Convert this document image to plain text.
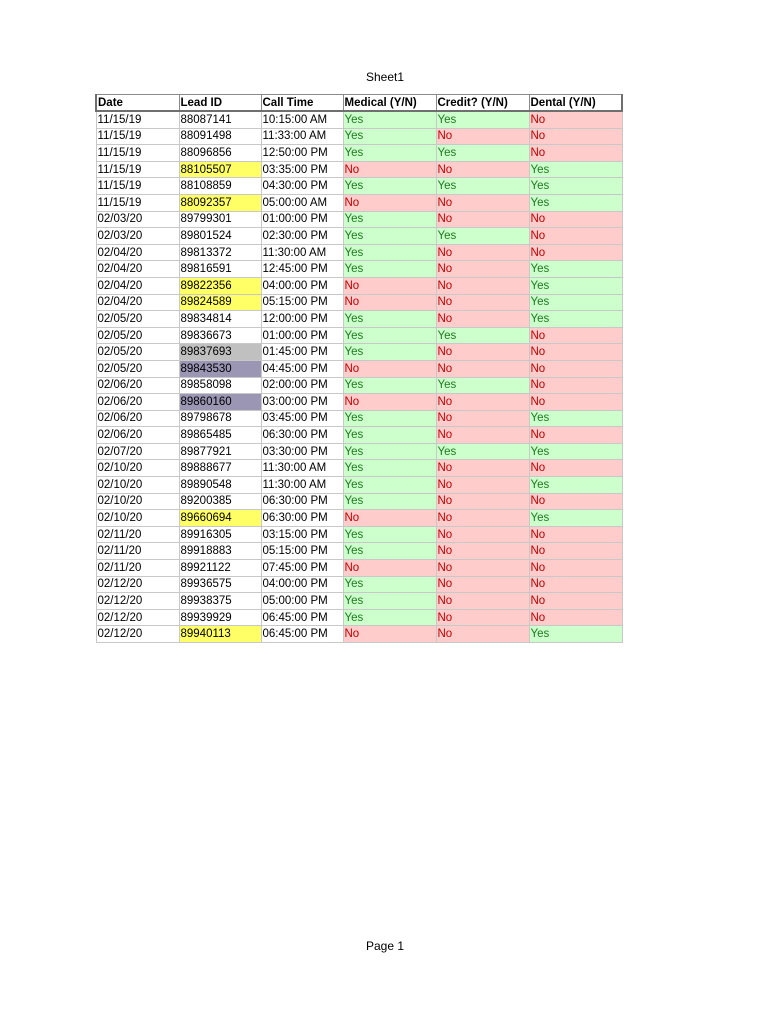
Sheet1
Date	Lead ID	Call Time	Medical (Y/N)	Credit? (Y/N)	Dental (Y/N)
11/15/19	88087141	10:15:00 AM	Yes	Yes	No
11/15/19	88091498	11:33:00 AM	Yes	No	No
11/15/19	88096856	12:50:00 PM	Yes	Yes	No
11/15/19	88105507	03:35:00 PM	No	No	Yes
11/15/19	88108859	04:30:00 PM	Yes	Yes	Yes
11/15/19	88092357	05:00:00 AM	No	No	Yes
02/03/20	89799301	01:00:00 PM	Yes	No	No
02/03/20	89801524	02:30:00 PM	Yes	Yes	No
02/04/20	89813372	11:30:00 AM	Yes	No	No
02/04/20	89816591	12:45:00 PM	Yes	No	Yes
02/04/20	89822356	04:00:00 PM	No	No	Yes
02/04/20	89824589	05:15:00 PM	No	No	Yes
02/05/20	89834814	12:00:00 PM	Yes	No	Yes
02/05/20	89836673	01:00:00 PM	Yes	Yes	No
02/05/20	89837693	01:45:00 PM	Yes	No	No
02/05/20	89843530	04:45:00 PM	No	No	No
02/06/20	89858098	02:00:00 PM	Yes	Yes	No
02/06/20	89860160	03:00:00 PM	No	No	No
02/06/20	89798678	03:45:00 PM	Yes	No	Yes
02/06/20	89865485	06:30:00 PM	Yes	No	No
02/07/20	89877921	03:30:00 PM	Yes	Yes	Yes
02/10/20	89888677	11:30:00 AM	Yes	No	No
02/10/20	89890548	11:30:00 AM	Yes	No	Yes
02/10/20	89200385	06:30:00 PM	Yes	No	No
02/10/20	89660694	06:30:00 PM	No	No	Yes
02/11/20	89916305	03:15:00 PM	Yes	No	No
02/11/20	89918883	05:15:00 PM	Yes	No	No
02/11/20	89921122	07:45:00 PM	No	No	No
02/12/20	89936575	04:00:00 PM	Yes	No	No
02/12/20	89938375	05:00:00 PM	Yes	No	No
02/12/20	89939929	06:45:00 PM	Yes	No	No
02/12/20	89940113	06:45:00 PM	No	No	Yes
Page 1
